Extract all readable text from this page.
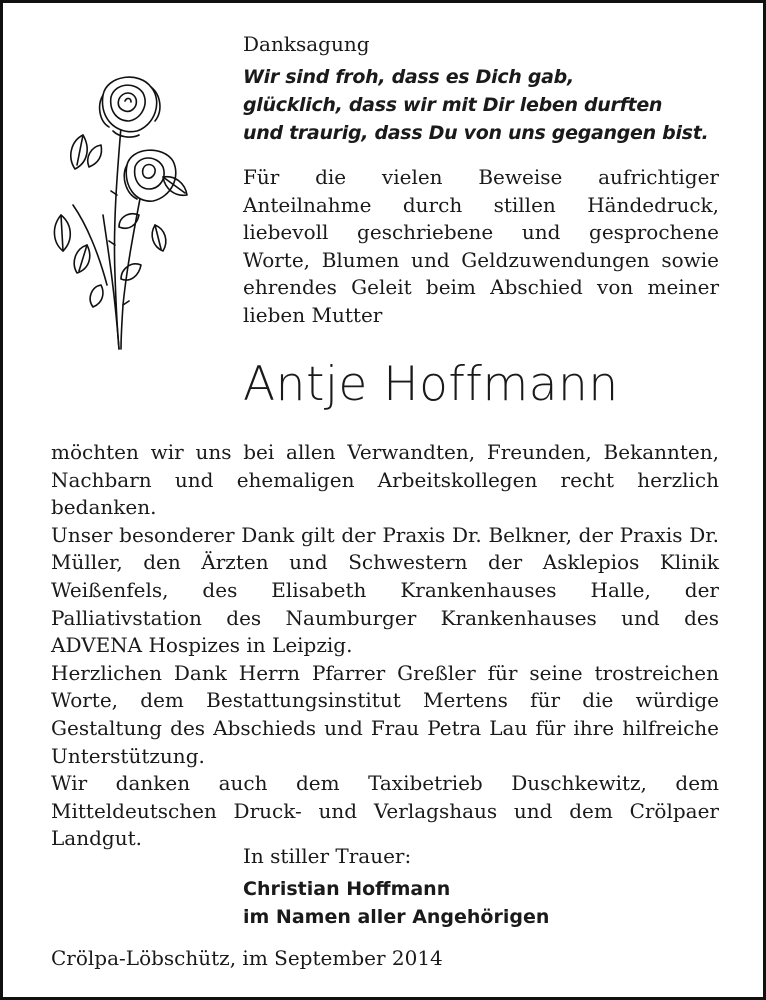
Danksagung
Wir sind froh, dass es Dich gab,
glücklich, dass wir mit Dir leben durften
und traurig, dass Du von uns gegangen bist.
Für die vielen Beweise aufrichtiger Anteilnahme durch stillen Händedruck, liebevoll geschriebene und gesprochene Worte, Blumen und Geldzuwendungen sowie ehrendes Geleit beim Abschied von meiner lieben Mutter
Antje Hoffmann
möchten wir uns bei allen Verwandten, Freunden, Bekannten, Nachbarn und ehemaligen Arbeitskollegen recht herzlich bedanken.
Unser besonderer Dank gilt der Praxis Dr. Belkner, der Praxis Dr. Müller, den Ärzten und Schwestern der Asklepios Klinik Weißenfels, des Elisabeth Krankenhauses Halle, der Palliativstation des Naumburger Krankenhauses und des ADVENA Hospizes in Leipzig.
Herzlichen Dank Herrn Pfarrer Greßler für seine trostreichen Worte, dem Bestattungsinstitut Mertens für die würdige Gestaltung des Abschieds und Frau Petra Lau für ihre hilfreiche Unterstützung.
Wir danken auch dem Taxibetrieb Duschkewitz, dem Mitteldeutschen Druck- und Verlagshaus und dem Crölpaer Landgut.
In stiller Trauer:
Christian Hoffmann
im Namen aller Angehörigen
Crölpa-Löbschütz, im September 2014
